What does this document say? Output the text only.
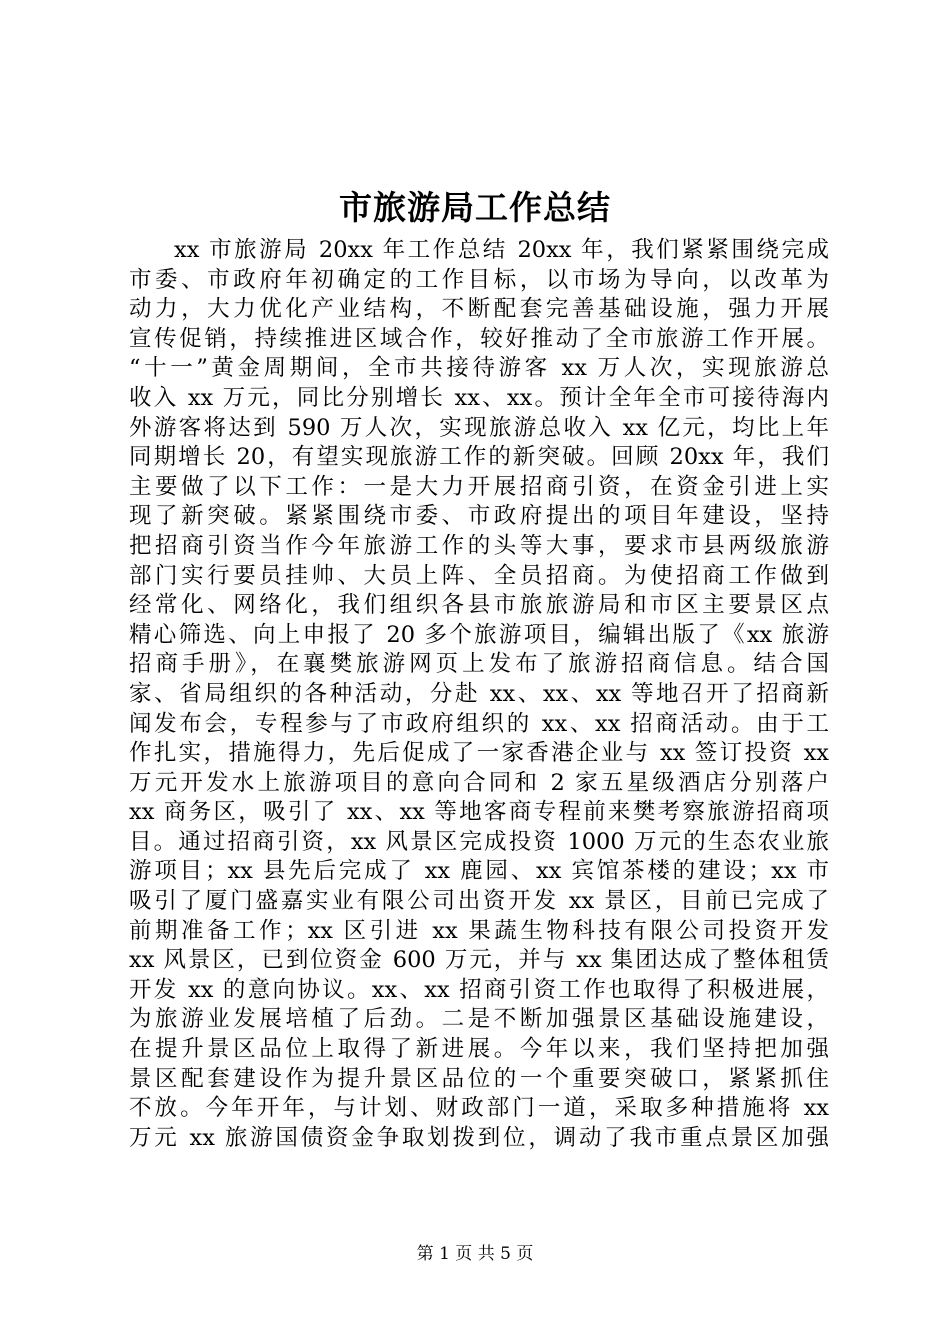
市旅游局工作总结
xx 市旅游局 20xx 年工作总结 20xx 年，我们紧紧围绕完成
市委、市政府年初确定的工作目标，以市场为导向，以改革为
动力，大力优化产业结构，不断配套完善基础设施，强力开展
宣传促销，持续推进区域合作，较好推动了全市旅游工作开展。
“十一”黄金周期间，全市共接待游客 xx 万人次，实现旅游总
收入 xx 万元，同比分别增长 xx、xx。预计全年全市可接待海内
外游客将达到 590 万人次，实现旅游总收入 xx 亿元，均比上年
同期增长 20，有望实现旅游工作的新突破。回顾 20xx 年，我们
主要做了以下工作：一是大力开展招商引资，在资金引进上实
现了新突破。紧紧围绕市委、市政府提出的项目年建设，坚持
把招商引资当作今年旅游工作的头等大事，要求市县两级旅游
部门实行要员挂帅、大员上阵、全员招商。为使招商工作做到
经常化、网络化，我们组织各县市旅旅游局和市区主要景区点
精心筛选、向上申报了 20 多个旅游项目，编辑出版了《xx 旅游
招商手册》，在襄樊旅游网页上发布了旅游招商信息。结合国
家、省局组织的各种活动，分赴 xx、xx、xx 等地召开了招商新
闻发布会，专程参与了市政府组织的 xx、xx 招商活动。由于工
作扎实，措施得力，先后促成了一家香港企业与 xx 签订投资 xx
万元开发水上旅游项目的意向合同和 2 家五星级酒店分别落户
xx 商务区，吸引了 xx、xx 等地客商专程前来樊考察旅游招商项
目。通过招商引资，xx 风景区完成投资 1000 万元的生态农业旅
游项目；xx 县先后完成了 xx 鹿园、xx 宾馆茶楼的建设；xx 市
吸引了厦门盛嘉实业有限公司出资开发 xx 景区，目前已完成了
前期准备工作；xx 区引进 xx 果蔬生物科技有限公司投资开发
xx 风景区，已到位资金 600 万元，并与 xx 集团达成了整体租赁
开发 xx 的意向协议。xx、xx 招商引资工作也取得了积极进展，
为旅游业发展培植了后劲。二是不断加强景区基础设施建设，
在提升景区品位上取得了新进展。今年以来，我们坚持把加强
景区配套建设作为提升景区品位的一个重要突破口，紧紧抓住
不放。今年开年，与计划、财政部门一道，采取多种措施将 xx
万元 xx 旅游国债资金争取划拨到位，调动了我市重点景区加强
第 1 页 共 5 页
